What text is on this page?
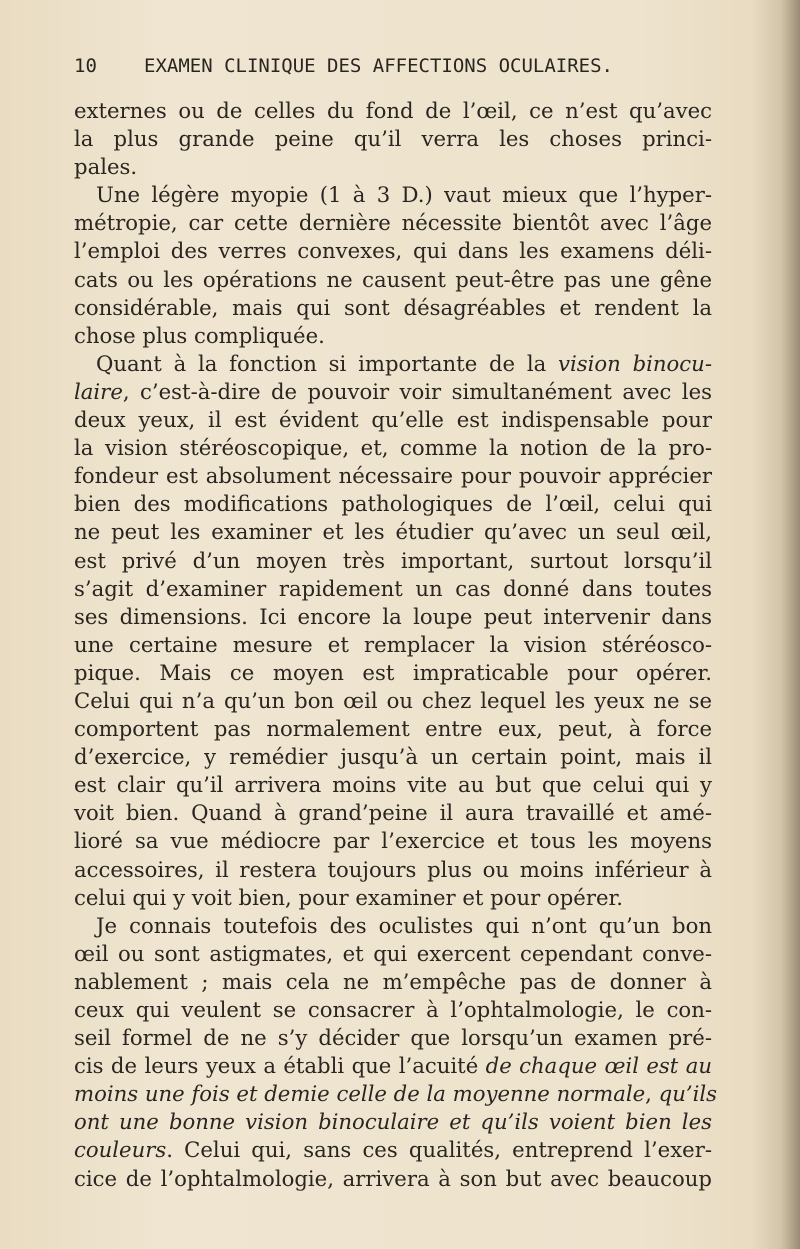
10 EXAMEN CLINIQUE DES AFFECTIONS OCULAIRES.
externes ou de celles du fond de l’œil, ce n’est qu’avec
la plus grande peine qu’il verra les choses princi-
pales.
Une légère myopie (1 à 3 D.) vaut mieux que l’hyper-
métropie, car cette dernière nécessite bientôt avec l’âge
l’emploi des verres convexes, qui dans les examens déli-
cats ou les opérations ne causent peut-être pas une gêne
considérable, mais qui sont désagréables et rendent la
chose plus compliquée.
Quant à la fonction si importante de la vision binocu-
laire, c’est-à-dire de pouvoir voir simultanément avec les
deux yeux, il est évident qu’elle est indispensable pour
la vision stéréoscopique, et, comme la notion de la pro-
fondeur est absolument nécessaire pour pouvoir apprécier
bien des modifications pathologiques de l’œil, celui qui
ne peut les examiner et les étudier qu’avec un seul œil,
est privé d’un moyen très important, surtout lorsqu’il
s’agit d’examiner rapidement un cas donné dans toutes
ses dimensions. Ici encore la loupe peut intervenir dans
une certaine mesure et remplacer la vision stéréosco-
pique. Mais ce moyen est impraticable pour opérer.
Celui qui n’a qu’un bon œil ou chez lequel les yeux ne se
comportent pas normalement entre eux, peut, à force
d’exercice, y remédier jusqu’à un certain point, mais il
est clair qu’il arrivera moins vite au but que celui qui y
voit bien. Quand à grand’peine il aura travaillé et amé-
lioré sa vue médiocre par l’exercice et tous les moyens
accessoires, il restera toujours plus ou moins inférieur à
celui qui y voit bien, pour examiner et pour opérer.
Je connais toutefois des oculistes qui n’ont qu’un bon
œil ou sont astigmates, et qui exercent cependant conve-
nablement ; mais cela ne m’empêche pas de donner à
ceux qui veulent se consacrer à l’ophtalmologie, le con-
seil formel de ne s’y décider que lorsqu’un examen pré-
cis de leurs yeux a établi que l’acuité de chaque œil est au
moins une fois et demie celle de la moyenne normale, qu’ils
ont une bonne vision binoculaire et qu’ils voient bien les
couleurs. Celui qui, sans ces qualités, entreprend l’exer-
cice de l’ophtalmologie, arrivera à son but avec beaucoup
